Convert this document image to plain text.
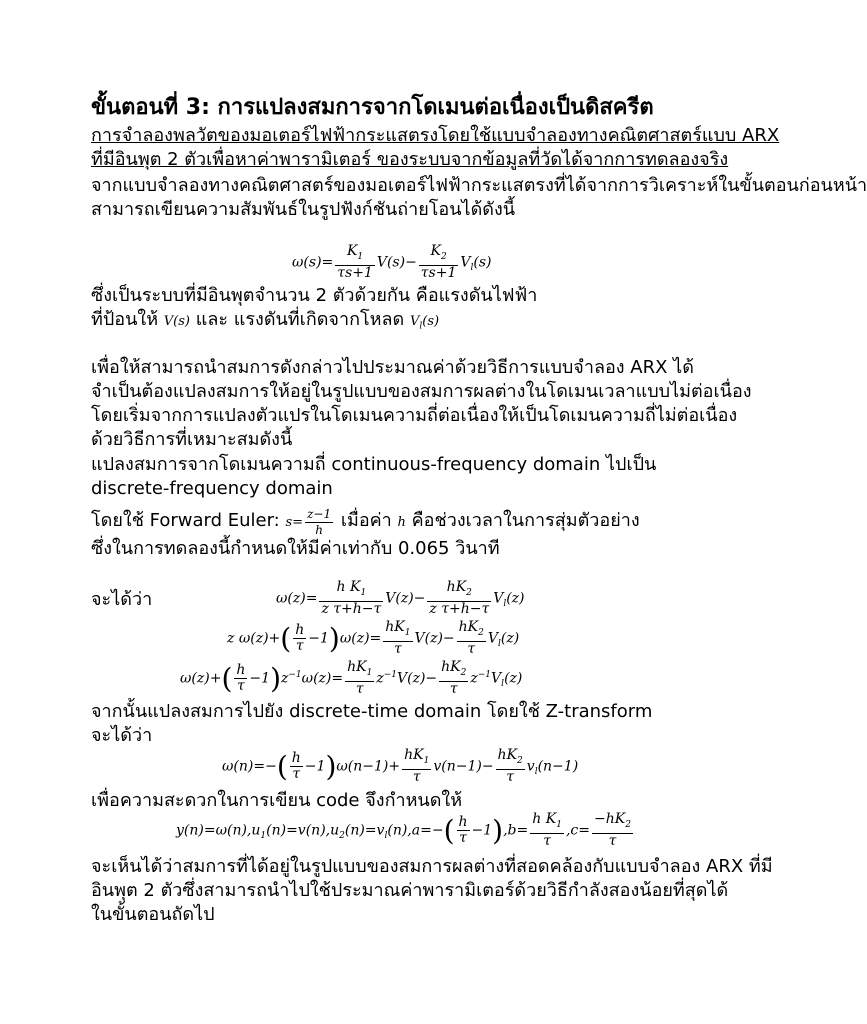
ขั้นตอนที่ 3: การแปลงสมการจากโดเมนต่อเนื่องเป็นดิสครีต
การจำลองพลวัตของมอเตอร์ไฟฟ้ากระแสตรงโดยใช้แบบจำลองทางคณิตศาสตร์แบบ ARX
ที่มีอินพุต 2 ตัวเพื่อหาค่าพารามิเตอร์ ของระบบจากข้อมูลที่วัดได้จากการทดลองจริง
จากแบบจำลองทางคณิตศาสตร์ของมอเตอร์ไฟฟ้ากระแสตรงที่ได้จากการวิเคราะห์ในขั้นตอนก่อนหน้า
สามารถเขียนความสัมพันธ์ในรูปฟังก์ชันถ่ายโอนได้ดังนี้
$\omega(s)= \frac{K_1}{\tau s+1} V(s)- \frac{K_2}{\tau s+1} V_l(s)$
ซึ่งเป็นระบบที่มีอินพุตจำนวน 2 ตัวด้วยกัน คือแรงดันไฟฟ้า
ที่ป้อนให้ V(s) และ แรงดันที่เกิดจากโหลด $V_l(s)$
เพื่อให้สามารถนำสมการดังกล่าวไปประมาณค่าด้วยวิธีการแบบจำลอง ARX ได้
จำเป็นต้องแปลงสมการให้อยู่ในรูปแบบของสมการผลต่างในโดเมนเวลาแบบไม่ต่อเนื่อง
โดยเริ่มจากการแปลงตัวแปรในโดเมนความถี่ต่อเนื่องให้เป็นโดเมนความถี่ไม่ต่อเนื่อง
ด้วยวิธีการที่เหมาะสมดังนี้
แปลงสมการจากโดเมนความถี่ continuous-frequency domain ไปเป็น
discrete-frequency domain
โดยใช้ Forward Euler: $s= \frac{z-1}{h}$ เมื่อค่า h คือช่วงเวลาในการสุ่มตัวอย่าง
ซึ่งในการทดลองนี้กำหนดให้มีค่าเท่ากับ 0.065 วินาที
จะได้ว่า	$\omega(z)= \frac{h K_1}{\text{z τ+h−τ}} V(z)- \frac{hK_2}{\text{z τ+h−τ}} V_l(z)$
z $\omega(z)+( \frac{h}{\tau} -1)\omega(z)= \frac{hK_1}{\tau} V(z)- \frac{hK_2}{\tau} V_l(z)$
$\omega(z)+( \frac{h}{\tau} -1)z^{-1}\omega(z)= \frac{hK_1}{\tau} z^{-1}V(z)- \frac{hK_2}{\tau} z^{-1}V_l(z)$
จากนั้นแปลงสมการไปยัง discrete-time domain โดยใช้ Z-transform
จะได้ว่า
$\omega(n)=-( \frac{h}{\tau} -1)\omega(n-1)+ \frac{hK_1}{\tau} v(n-1)- \frac{hK_2}{\tau} v_l(n-1)$
เพื่อความสะดวกในการเขียน code จึงกำหนดให้
$y(n)=\omega(n),u_1(n)=v(n),u_2(n)=v_l(n),a=-( \frac{h}{\tau} -1),b= \frac{h K_1}{\tau} ,c= \frac{-hK_2}{\tau}$
จะเห็นได้ว่าสมการที่ได้อยู่ในรูปแบบของสมการผลต่างที่สอดคล้องกับแบบจำลอง ARX ที่มี
อินพุต 2 ตัวซึ่งสามารถนำไปใช้ประมาณค่าพารามิเตอร์ด้วยวิธีกำลังสองน้อยที่สุดได้
ในขั้นตอนถัดไป
